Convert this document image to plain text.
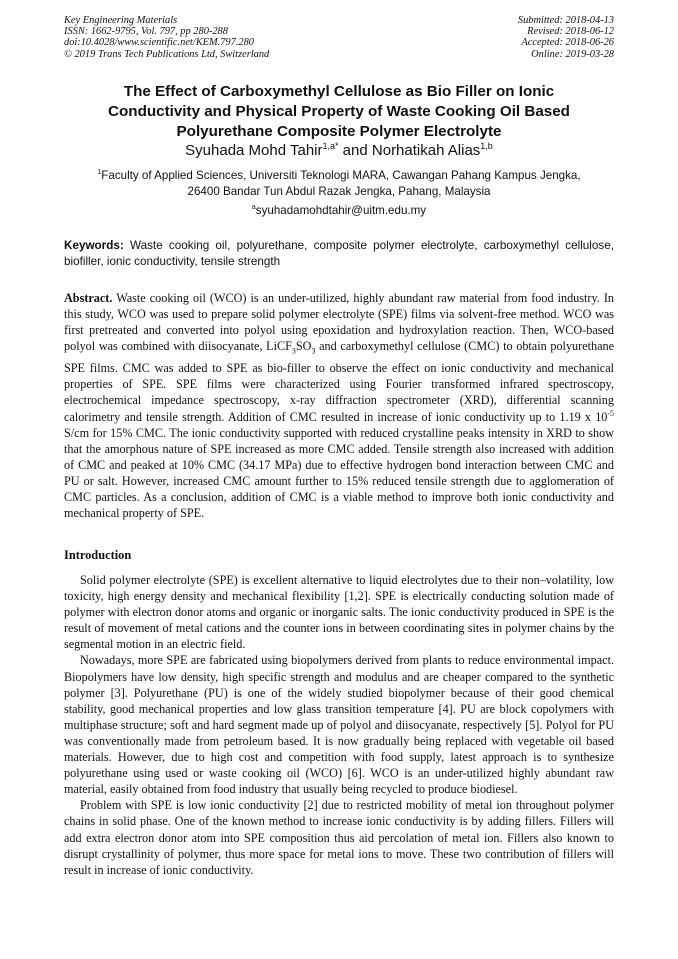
Key Engineering Materials
ISSN: 1662-9795, Vol. 797, pp 280-288
doi:10.4028/www.scientific.net/KEM.797.280
© 2019 Trans Tech Publications Ltd, Switzerland
Submitted: 2018-04-13
Revised: 2018-06-12
Accepted: 2018-06-26
Online: 2019-03-28
The Effect of Carboxymethyl Cellulose as Bio Filler on Ionic
Conductivity and Physical Property of Waste Cooking Oil Based
Polyurethane Composite Polymer Electrolyte
Syuhada Mohd Tahir$^{1,a*}$ and Norhatikah Alias$^{1,b}$
$^1$Faculty of Applied Sciences, Universiti Teknologi MARA, Cawangan Pahang Kampus Jengka,
26400 Bandar Tun Abdul Razak Jengka, Pahang, Malaysia
$^a$syuhadamohdtahir@uitm.edu.my
Keywords: Waste cooking oil, polyurethane, composite polymer electrolyte, carboxymethyl cellulose, biofiller, ionic conductivity, tensile strength
Abstract. Waste cooking oil (WCO) is an under-utilized, highly abundant raw material from food industry. In this study, WCO was used to prepare solid polymer electrolyte (SPE) films via solvent-free method. WCO was first pretreated and converted into polyol using epoxidation and hydroxylation reaction. Then, WCO-based polyol was combined with diisocyanate, $LiCF_3SO_3$ and carboxymethyl cellulose (CMC) to obtain polyurethane SPE films. CMC was added to SPE as bio-filler to observe the effect on ionic conductivity and mechanical properties of SPE. SPE films were characterized using Fourier transformed infrared spectroscopy, electrochemical impedance spectroscopy, x-ray diffraction spectrometer (XRD), differential scanning calorimetry and tensile strength. Addition of CMC resulted in increase of ionic conductivity up to 1.19 x $10^{-5}$ S/cm for 15% CMC. The ionic conductivity supported with reduced crystalline peaks intensity in XRD to show that the amorphous nature of SPE increased as more CMC added. Tensile strength also increased with addition of CMC and peaked at 10% CMC (34.17 MPa) due to effective hydrogen bond interaction between CMC and PU or salt. However, increased CMC amount further to 15% reduced tensile strength due to agglomeration of CMC particles. As a conclusion, addition of CMC is a viable method to improve both ionic conductivity and mechanical property of SPE.
Introduction

Solid polymer electrolyte (SPE) is excellent alternative to liquid electrolytes due to their non–volatility, low toxicity, high energy density and mechanical flexibility [1,2]. SPE is electrically conducting solution made of polymer with electron donor atoms and organic or inorganic salts. The ionic conductivity produced in SPE is the result of movement of metal cations and the counter ions in between coordinating sites in polymer chains by the segmental motion in an electric field.

Nowadays, more SPE are fabricated using biopolymers derived from plants to reduce environmental impact. Biopolymers have low density, high specific strength and modulus and are cheaper compared to the synthetic polymer [3]. Polyurethane (PU) is one of the widely studied biopolymer because of their good chemical stability, good mechanical properties and low glass transition temperature [4]. PU are block copolymers with multiphase structure; soft and hard segment made up of polyol and diisocyanate, respectively [5]. Polyol for PU was conventionally made from petroleum based. It is now gradually being replaced with vegetable oil based materials. However, due to high cost and competition with food supply, latest approach is to synthesize polyurethane using used or waste cooking oil (WCO) [6]. WCO is an under-utilized highly abundant raw material, easily obtained from food industry that usually being recycled to produce biodiesel.

Problem with SPE is low ionic conductivity [2] due to restricted mobility of metal ion throughout polymer chains in solid phase. One of the known method to increase ionic conductivity is by adding fillers. Fillers will add extra electron donor atom into SPE composition thus aid percolation of metal ion. Fillers also known to disrupt crystallinity of polymer, thus more space for metal ions to move. These two contribution of fillers will result in increase of ionic conductivity.
